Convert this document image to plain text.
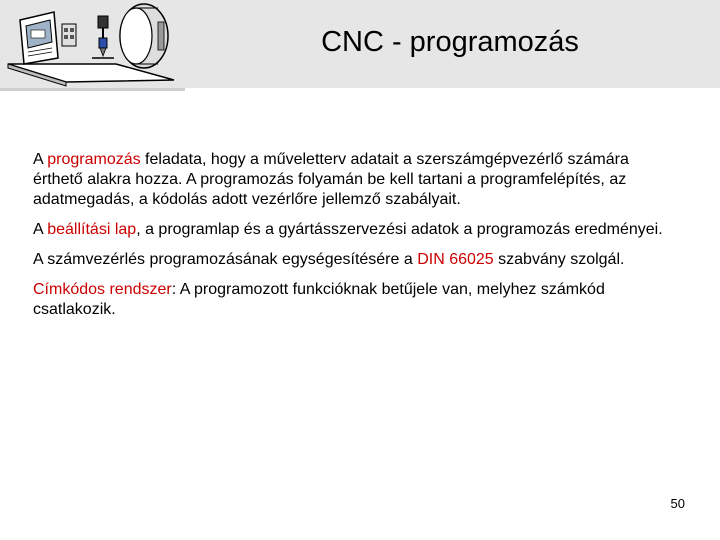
CNC - programozás

A programozás feladata, hogy a műveletterv adatait a szerszámgépvezérlő számára érthető alakra hozza. A programozás folyamán be kell tartani a programfelépítés, az adatmegadás, a kódolás adott vezérlőre jellemző szabályait.

A beállítási lap, a programlap és a gyártásszervezési adatok a programozás eredményei.

A számvezérlés programozásának egységesítésére a DIN 66025 szabvány szolgál.

Címkódos rendszer: A programozott funkcióknak betűjele van, melyhez számkód csatlakozik.

50
